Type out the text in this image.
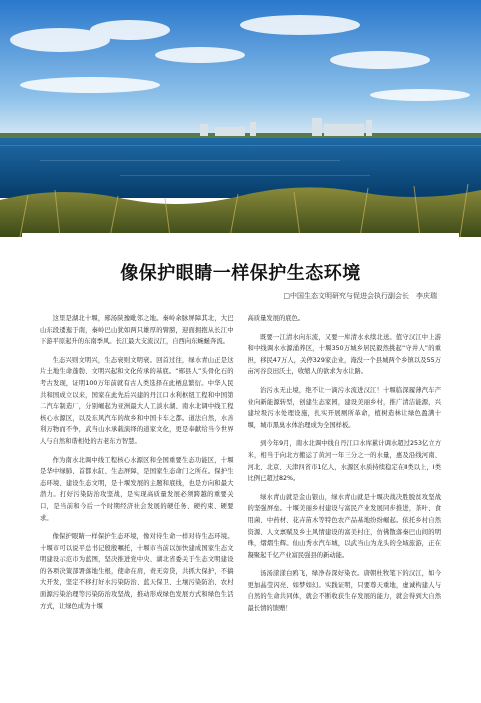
像保护眼睛一样保护生态环境
□中国生态文明研究与促进会执行副会长　李庆瑞

这里是湖北十堰，郧汤陕豫毗邻之地。秦岭余脉屏障其北，大巴山东段逶迤于南，秦岭巴山犹如两只雄厚的臂膀，迎面拥抱从长江中下游平原起升的东南季风。长江最大支流汉江，自西向东蜿蜒奔流。

生态兴则文明兴，生态衰则文明衰。回首过往，绿水青山正是这片土地生命蓬勃、文明兴起和文化传承的基底。“郧县人”头骨化石的考古发现，证明100万年前就有古人类选择在此栖息繁衍。中华人民共和国成立以来，国家在此先后兴建的丹江口水利枢纽工程和中国第二汽车制造厂，分别崛起为亚洲最大人工淡水湖、南水北调中线工程核心水源区，以及东风汽车的故乡和中国卡车之都。道法自然，水善利万物而不争，武当山水承载演绎的道家文化，更是奉献给当今世界人与自然和谐相处的古老东方智慧。

作为南水北调中线工程核心水源区和全国重要生态功能区，十堰是华中绿肺、首都水缸、生态屏障，是国家生态命门之所在。保护生态环境、建设生态文明，是十堰发展的主题和底线，也是方向和最大潜力。打好污染防治攻坚战，是实现高质量发展必须跨越的重要关口，是当前和今后一个时期经济社会发展的硬任务、硬约束、硬要求。

像保护眼睛一样保护生态环境，像对待生命一样对待生态环境。十堰市可以说平总书记殷殷嘱托，十堰市当前以加快建成国家生态文明建设示范市为蓝图，坚决推进党中央、湖北省委关于生态文明建设的各项决策部署落地生根，使命在肩，责无旁贷，共抓大保护，不搞大开发，坚定不移打好水污染防治、蓝天保卫、土壤污染防治、农村面源污染治理等污染防治攻坚战，推动形成绿色发展方式和绿色生活方式，让绿色成为十堰

高质量发展的底色。

既要一江清水向东流，又要一库清水永续北送。值守汉江中上游和中线调水水源涌养区，十堰350万城乡居民毅然挑起“守井人”的重担，移民47万人，关停329家企业，淹没一个县城两个乡镇以及55万亩河谷良田沃土，收缩人的欲求为水让路。

治污永无止境，绝不让一滴污水流进汉江！十堰临深履薄汽车产业向新能源转型，创建生态家园，建设美丽乡村，推广清洁能源，兴建垃圾污水处理设施，扎实开展厕所革命，植树造林让绿色盈满十堰，城市黑臭水体治理成为全国样板。

到今年9月，南水北调中线自丹江口水库累计调水超过253亿立方米，相当于向北方搬运了黄河一年三分之一的水量，惠及沿线河南、河北、北京、天津四省市1亿人，水源区水质持续稳定在Ⅱ类以上，Ⅰ类比例已超过82%。

绿水青山就是金山银山，绿水青山就是十堰决战决胜脱贫攻坚战的坚强屏垒。十堰美丽乡村建设与富民产业发展同步推进，茶叶、食用菌、中药材、花卉苗木等特色农产品基地纷纷崛起。依托乡村自然资源、人文禀赋及乡土风情建设的富美村庄，仿佛散落秦巴山间的明珠，熠熠生辉。仙山秀水汽车城，以武当山为龙头的全域旅游，正在凝聚起千亿产业富民强县的新动能。

汤汤漾漾白鸥飞，绿净春深好染衣。唐朝杜牧笔下的汉江，如今更加晶莹闪亮、如梦如幻。实践证明，只要尊天重地，虚诚构建人与自然的生命共同体，就会不断收获生存发展的能力，就会得到大自然最长情的馈赠！
